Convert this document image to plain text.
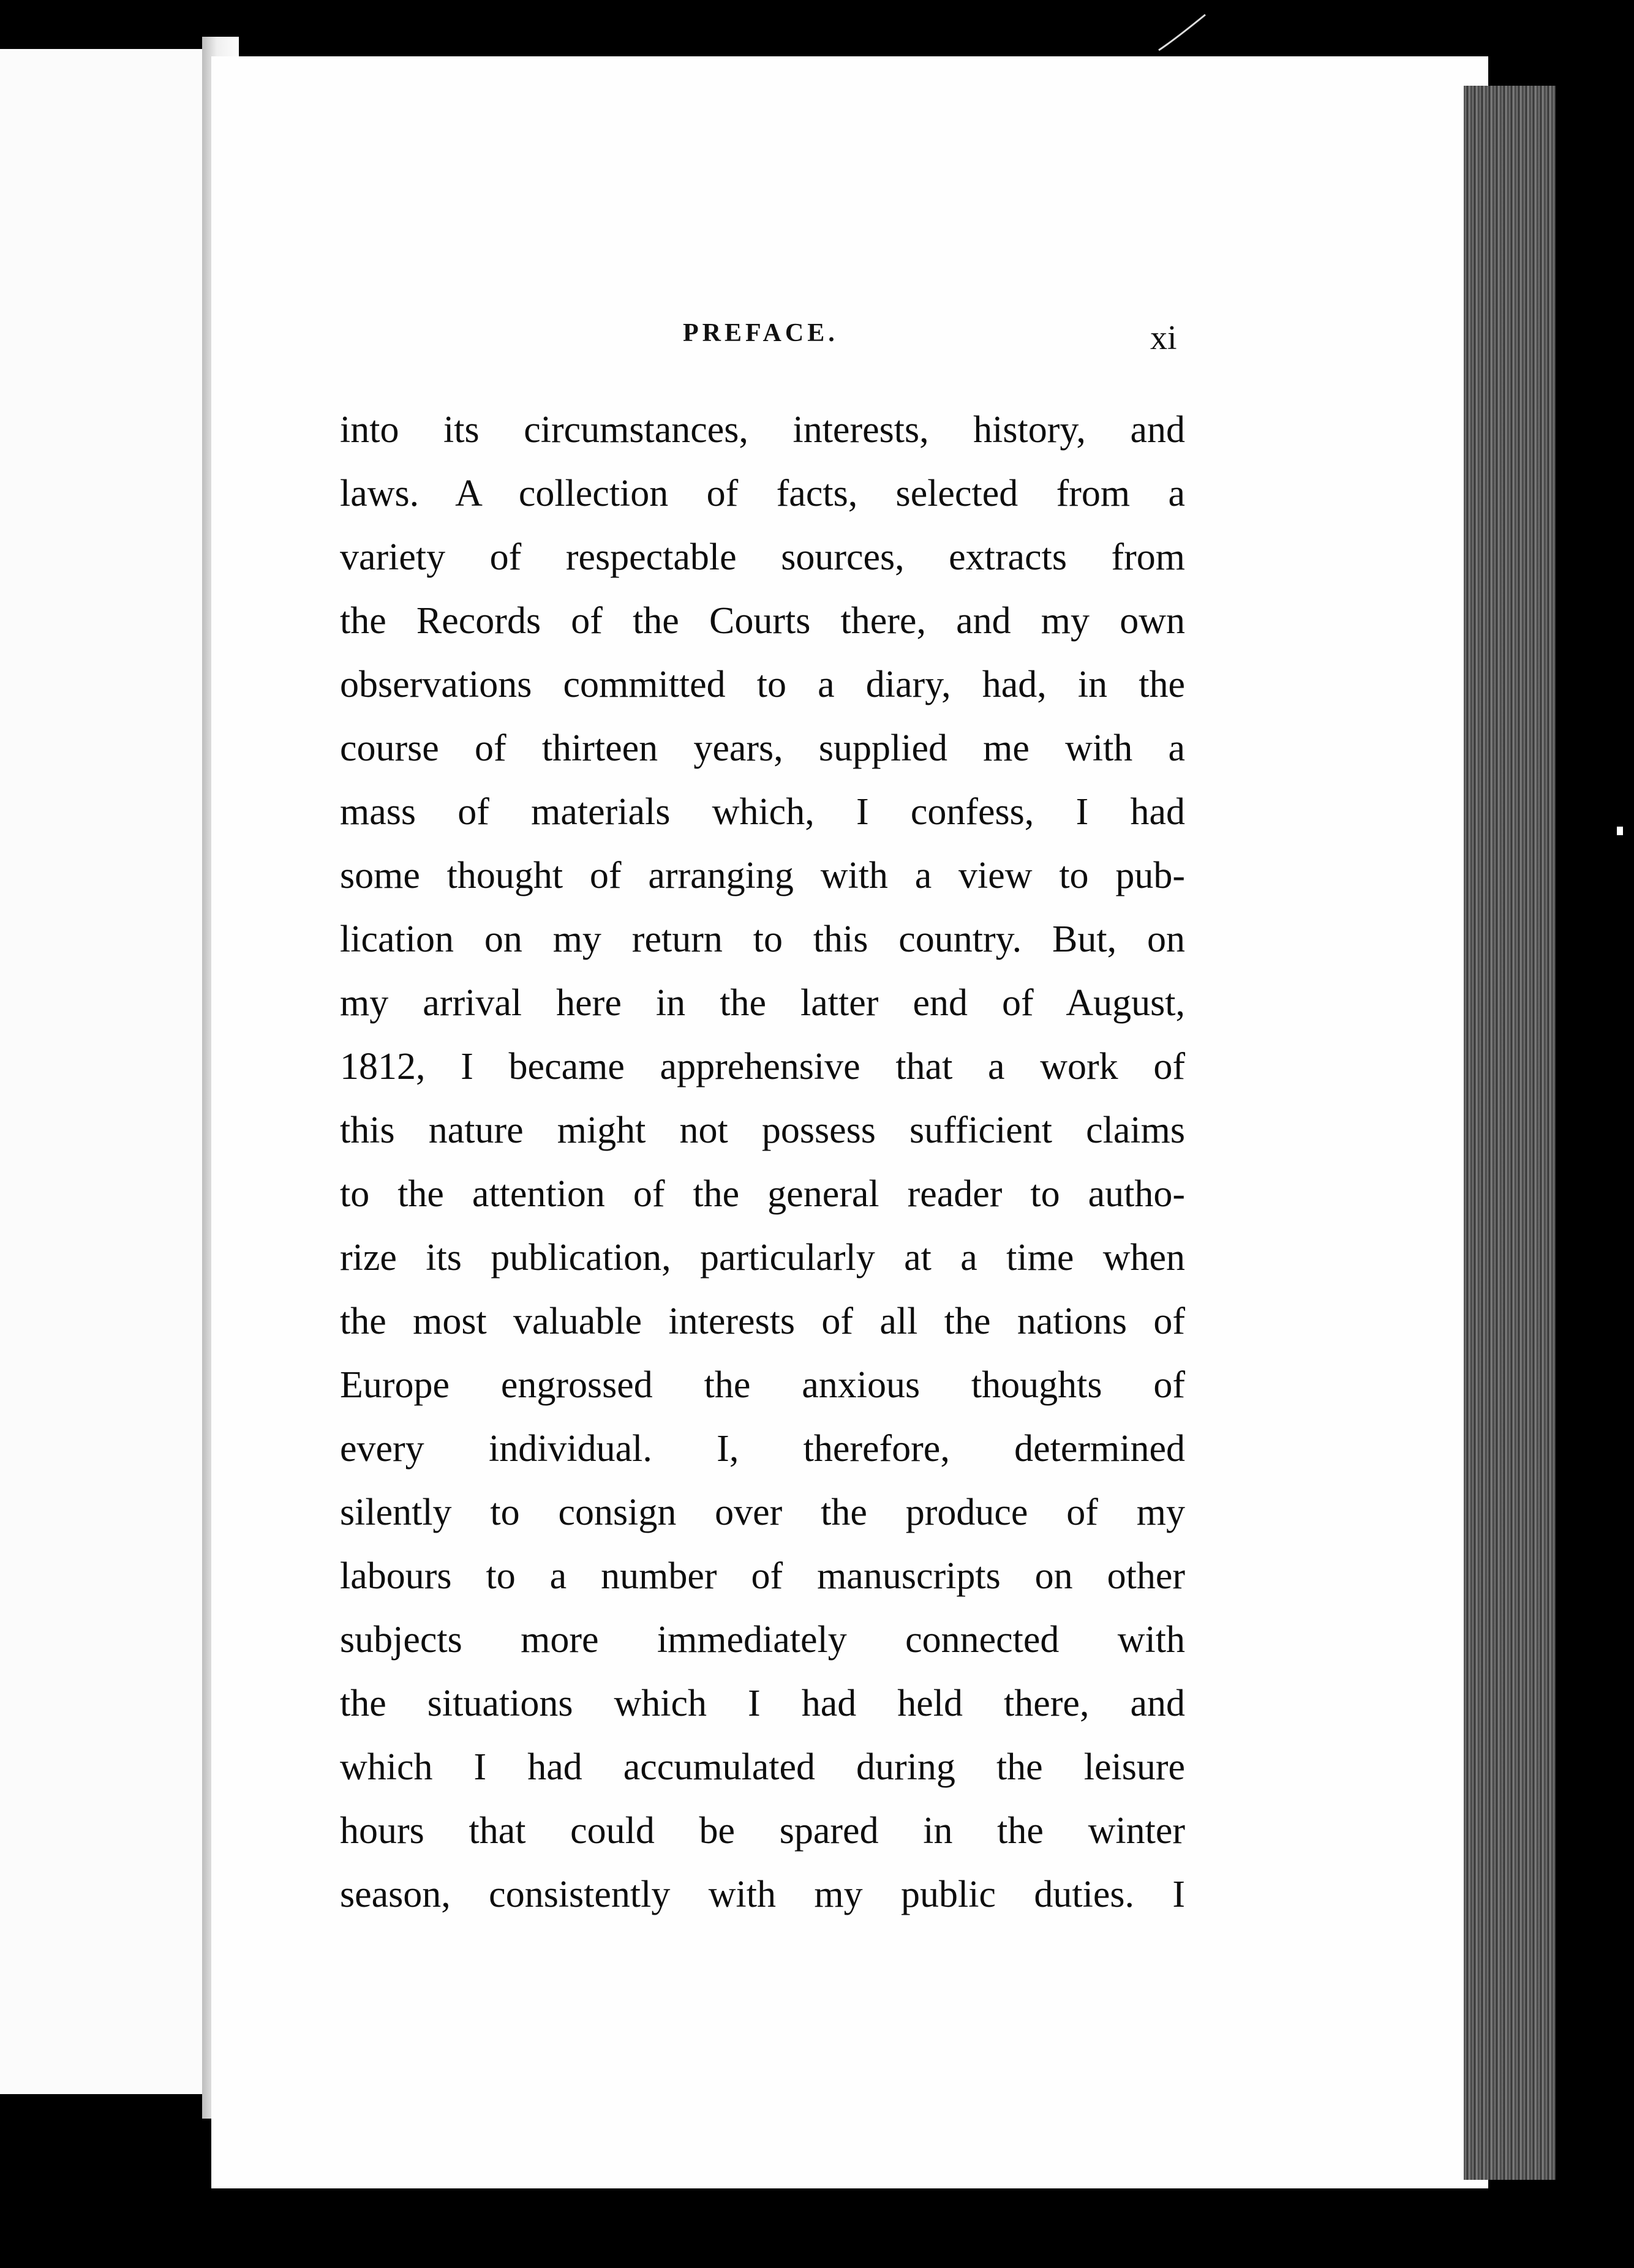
PREFACE.	xi
into its circumstances, interests, history, and
laws. A collection of facts, selected from a
variety of respectable sources, extracts from
the Records of the Courts there, and my own
observations committed to a diary, had, in the
course of thirteen years, supplied me with a
mass of materials which, I confess, I had
some thought of arranging with a view to pub-
lication on my return to this country. But, on
my arrival here in the latter end of August,
1812, I became apprehensive that a work of
this nature might not possess sufficient claims
to the attention of the general reader to autho-
rize its publication, particularly at a time when
the most valuable interests of all the nations of
Europe engrossed the anxious thoughts of
every individual. I, therefore, determined
silently to consign over the produce of my
labours to a number of manuscripts on other
subjects more immediately connected with
the situations which I had held there, and
which I had accumulated during the leisure
hours that could be spared in the winter
season, consistently with my public duties. I
